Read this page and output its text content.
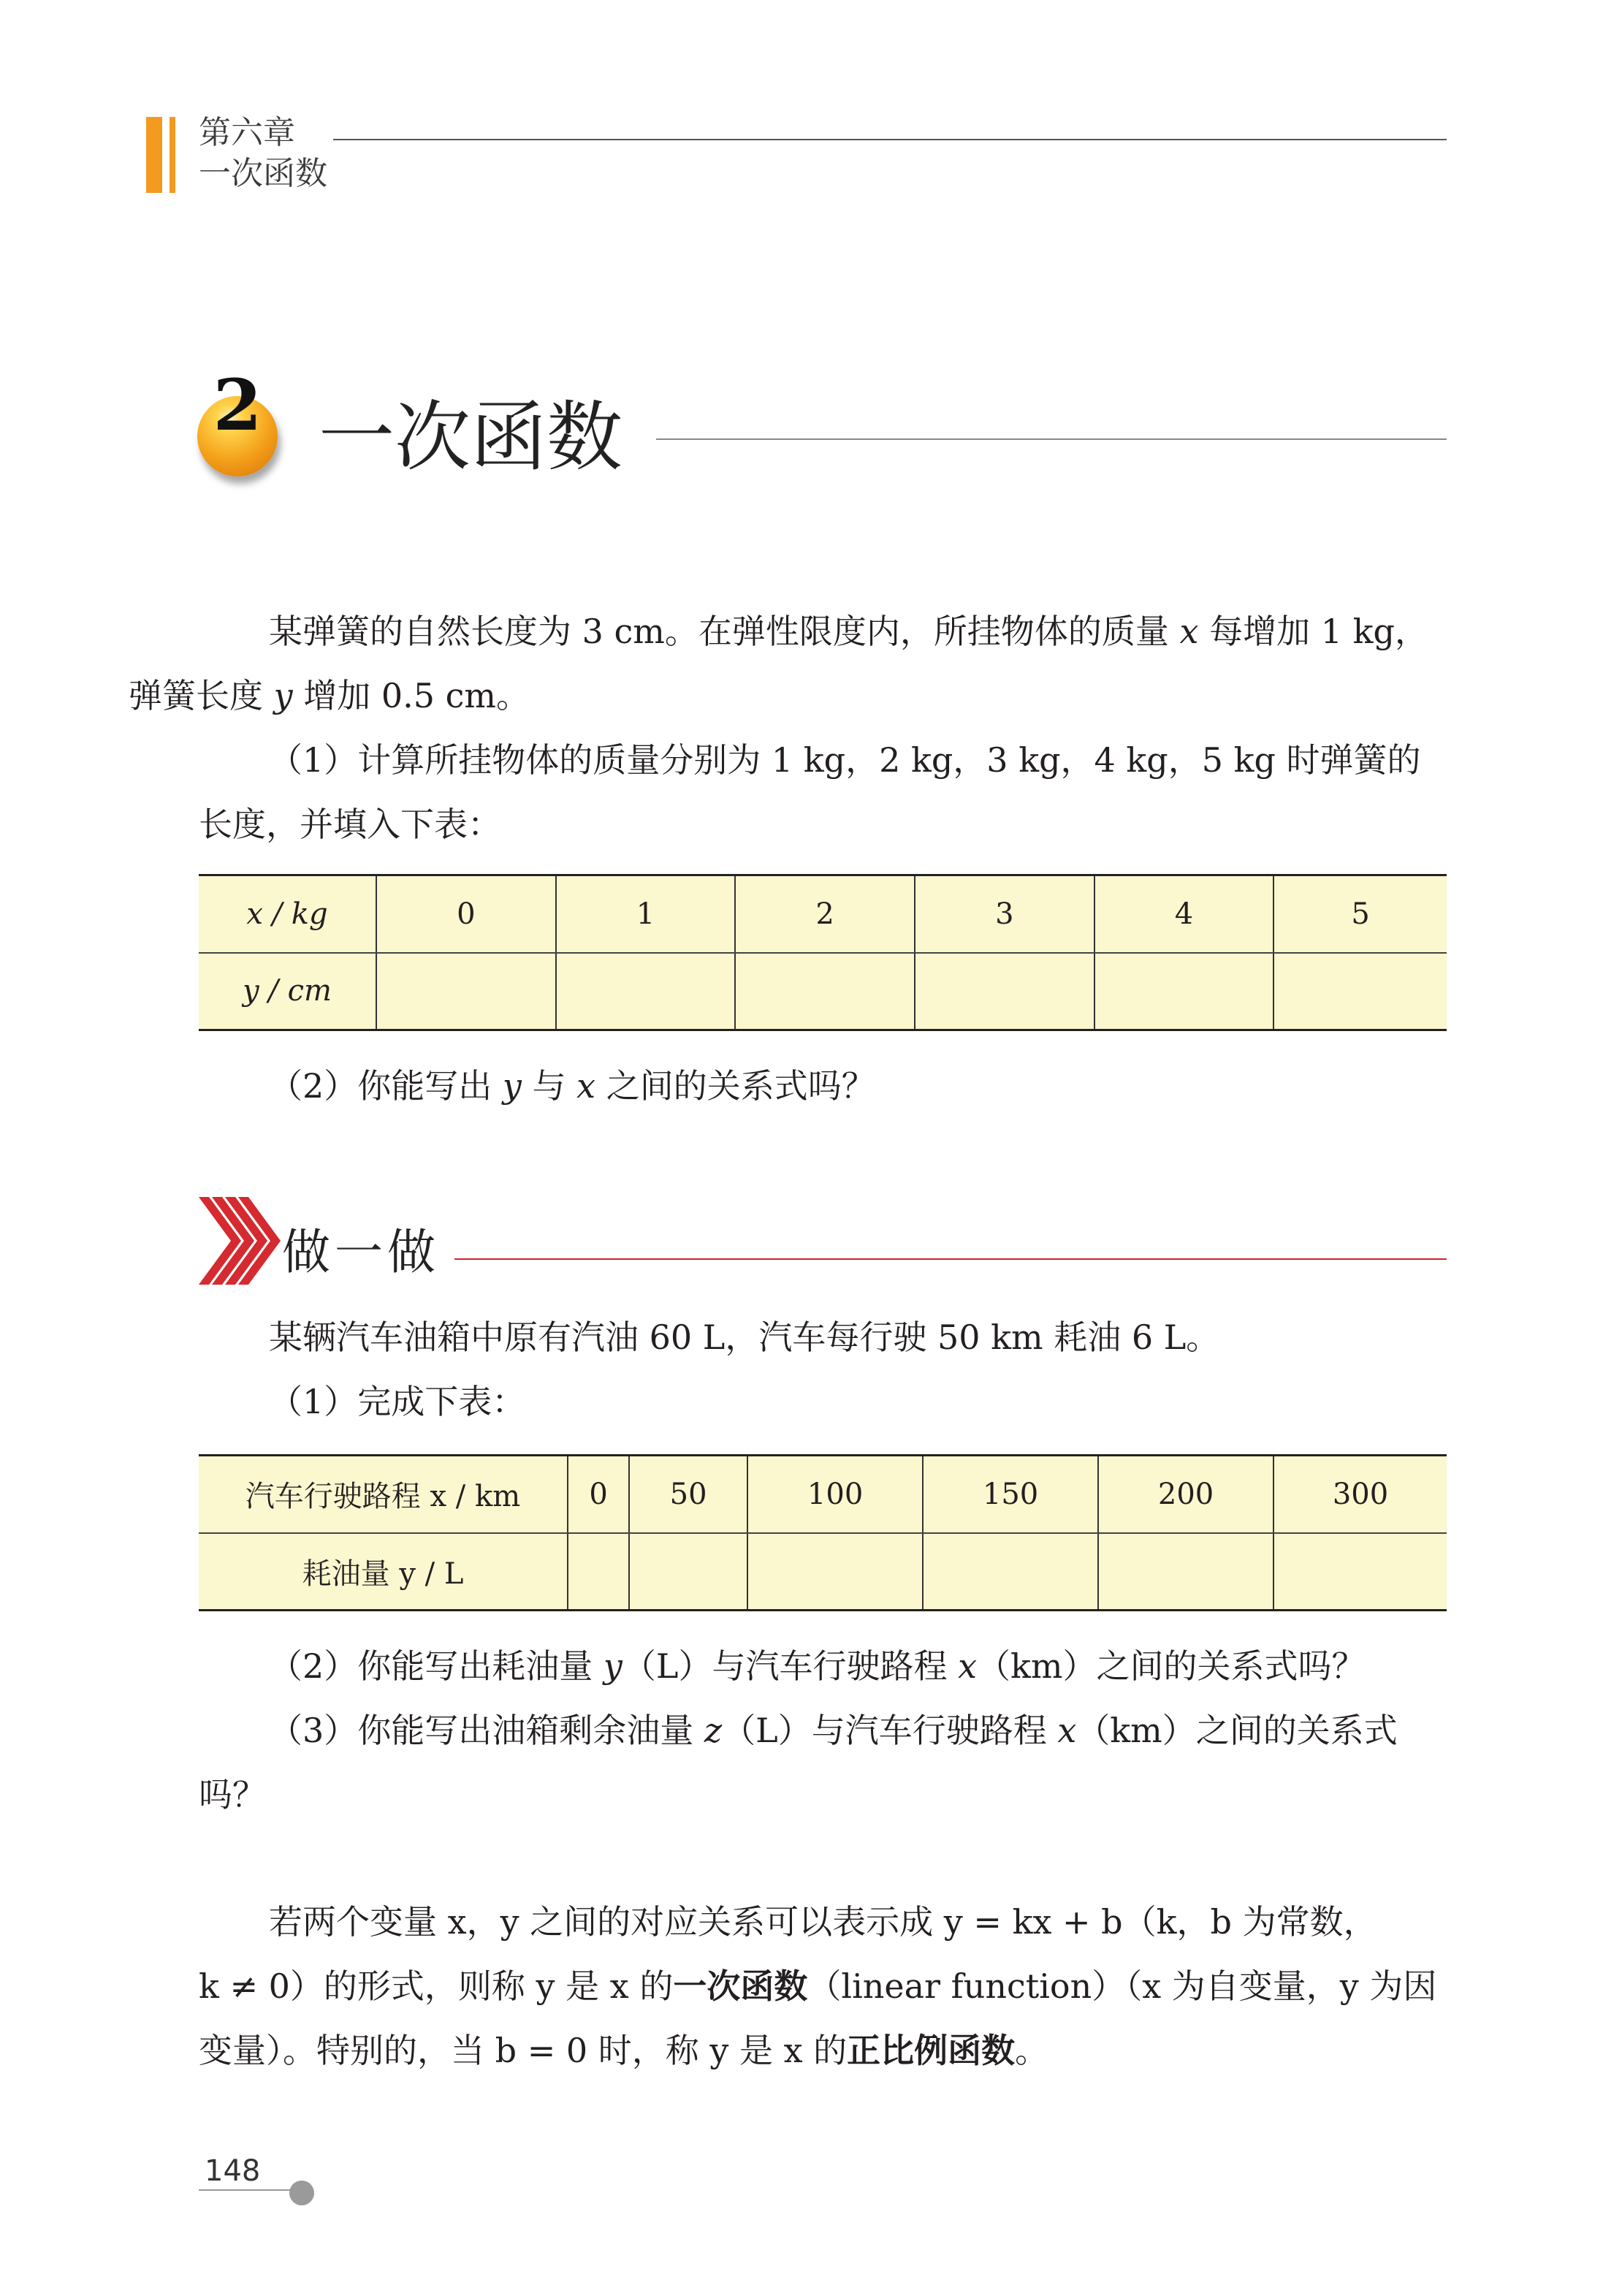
第六章
一次函数
2 一次函数
某弹簧的自然长度为 3 cm。在弹性限度内，所挂物体的质量 x 每增加 1 kg，
弹簧长度 y 增加 0.5 cm。
（1）计算所挂物体的质量分别为 1 kg，2 kg，3 kg，4 kg，5 kg 时弹簧的长度，并填入下表：
x / kg	0	1	2	3	4	5
y / cm						
（2）你能写出 y 与 x 之间的关系式吗？
做一做
某辆汽车油箱中原有汽油 60 L，汽车每行驶 50 km 耗油 6 L。
（1）完成下表：
汽车行驶路程 x / km	0	50	100	150	200	300
耗油量 y / L						
（2）你能写出耗油量 y（L）与汽车行驶路程 x（km）之间的关系式吗？
（3）你能写出油箱剩余油量 z（L）与汽车行驶路程 x（km）之间的关系式吗？
若两个变量 x，y 之间的对应关系可以表示成 y = kx + b（k，b 为常数，
k ≠ 0）的形式，则称 y 是 x 的一次函数（linear function）（x 为自变量，y 为因
变量）。特别的，当 b = 0 时，称 y 是 x 的正比例函数。
148
